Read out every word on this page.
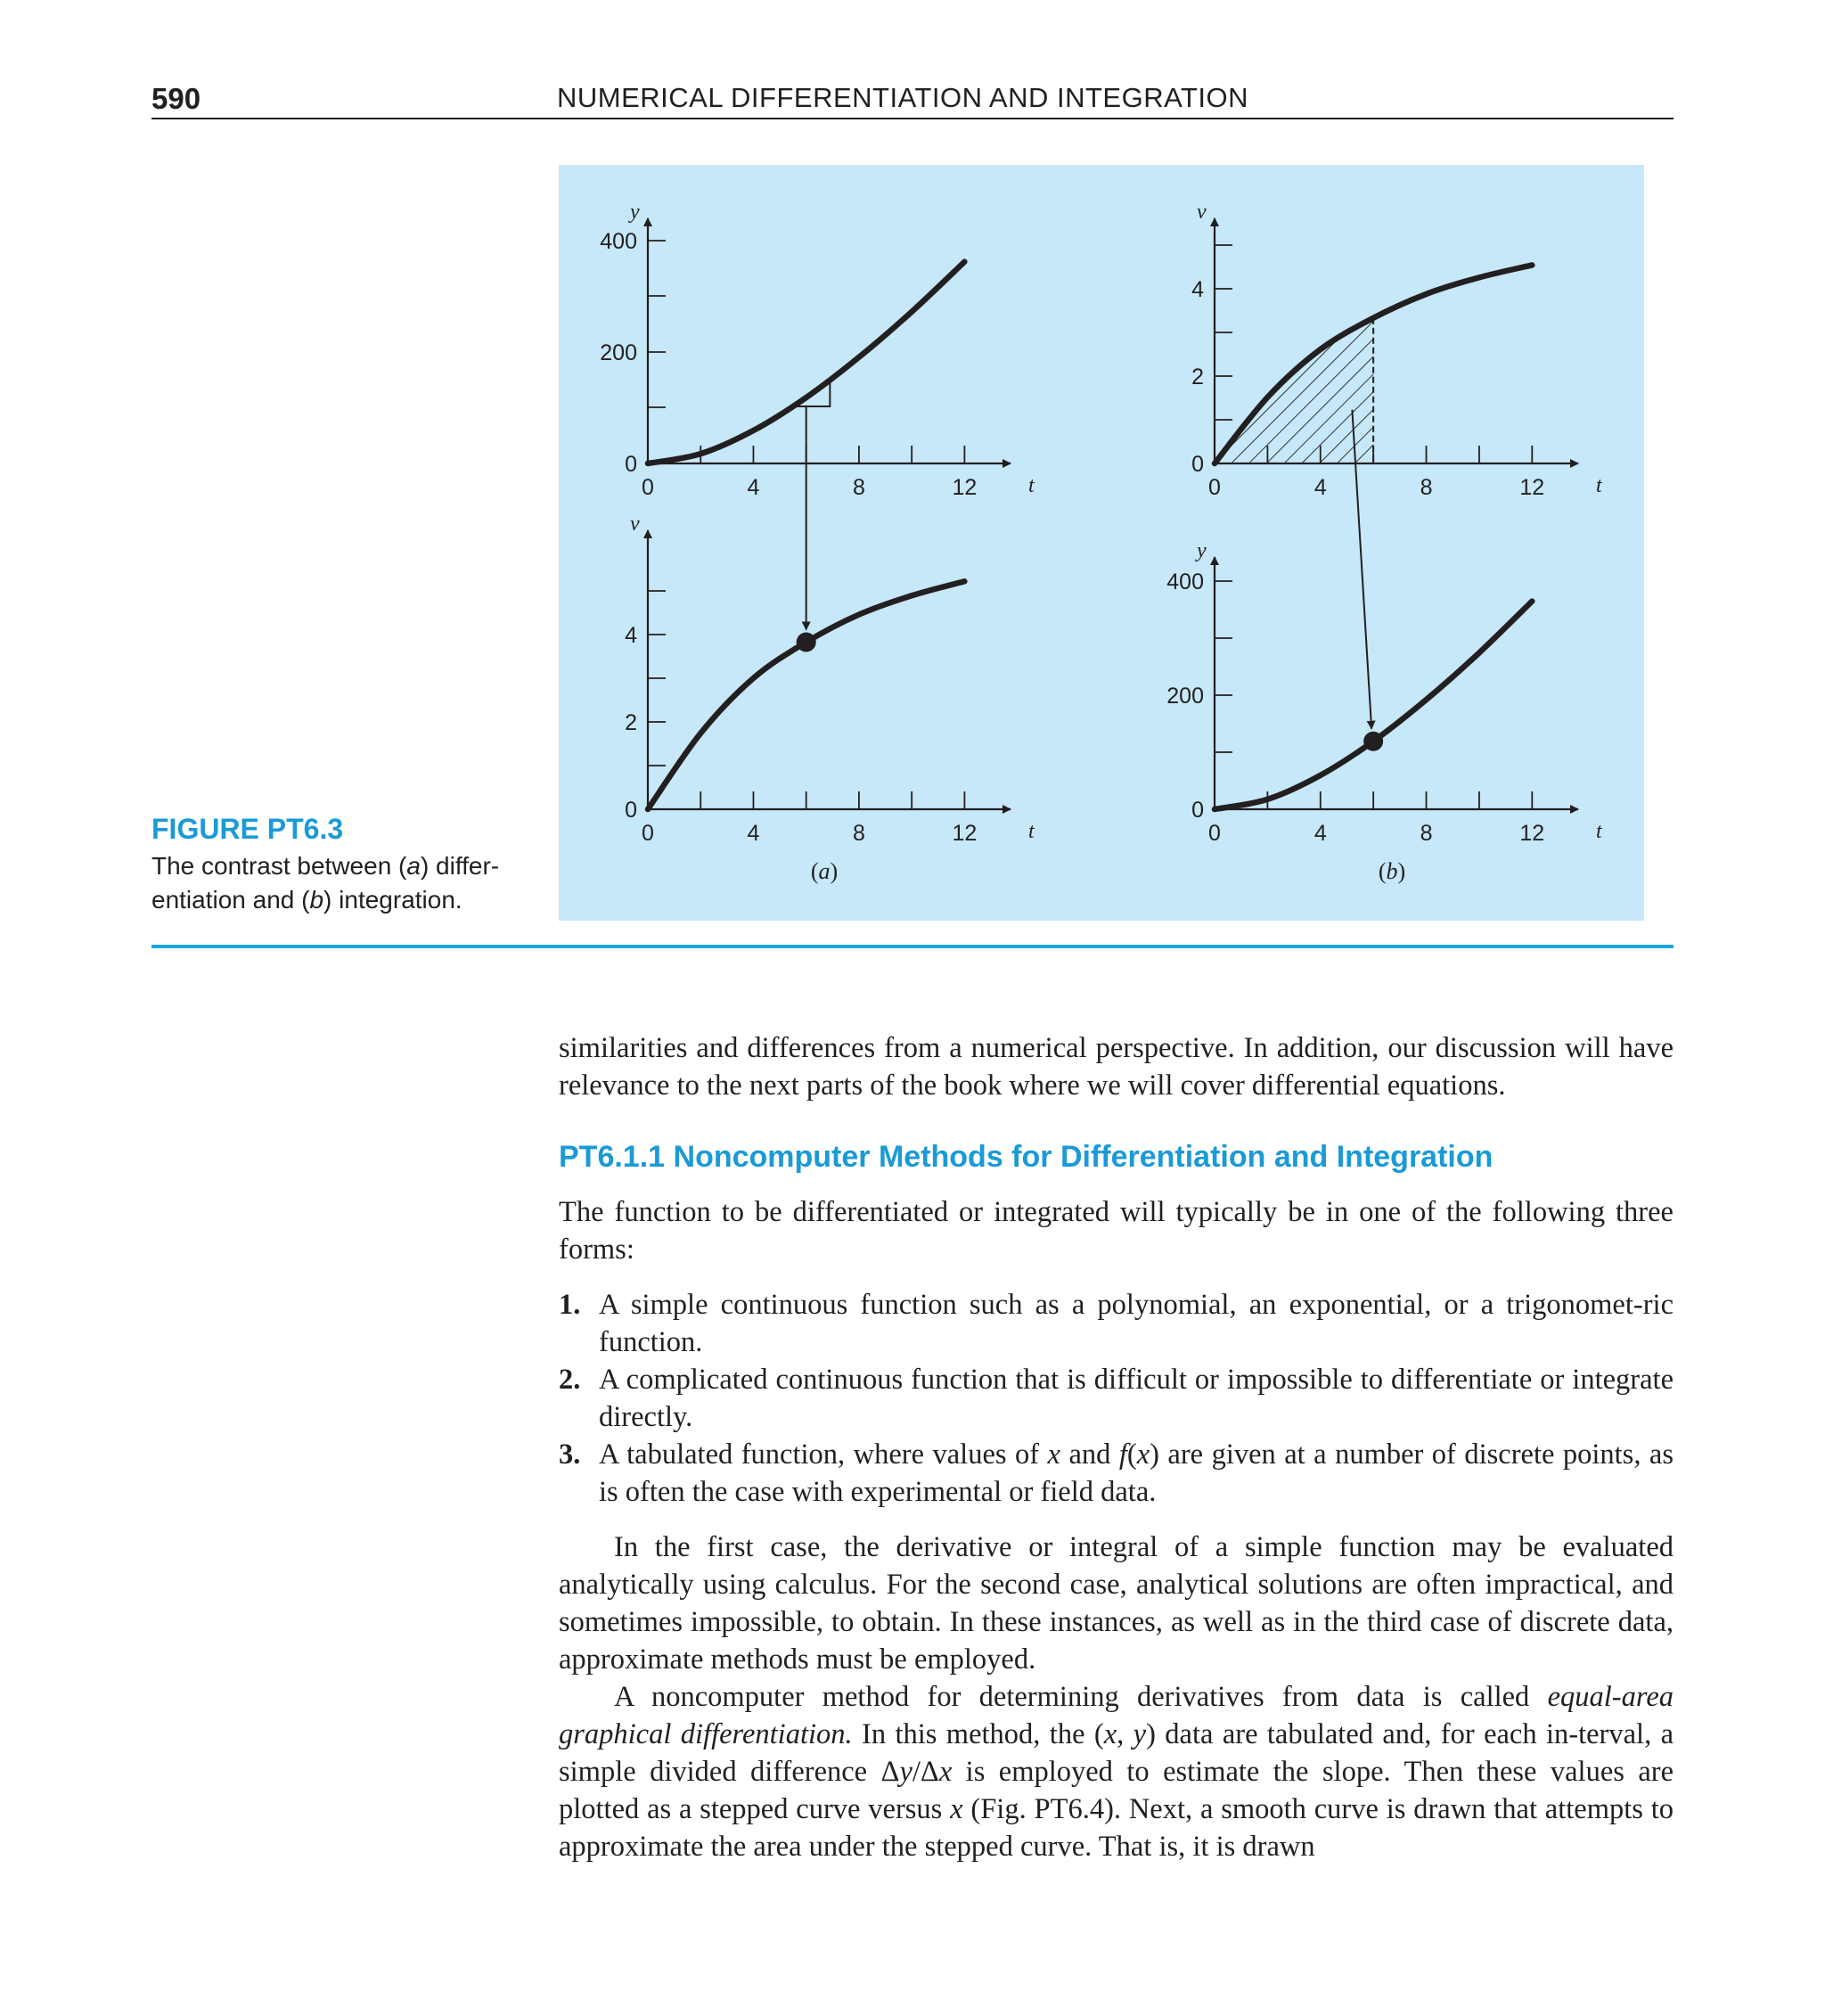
590	NUMERICAL DIFFERENTIATION AND INTEGRATION
y
t
0
200
400
0	4	8	12
v
t
0
2
4
0	4	8	12
v
t
0
2
4
0	4	8	12
y
t
0
200
400
0	4	8	12
(a)	(b)
FIGURE PT6.3
The contrast between (a) differ-entiation and (b) integration.

similarities and differences from a numerical perspective. In addition, our discussion will have relevance to the next parts of the book where we will cover differential equations.

PT6.1.1 Noncomputer Methods for Differentiation and Integration

The function to be differentiated or integrated will typically be in one of the following three forms:

1. A simple continuous function such as a polynomial, an exponential, or a trigonomet-ric function.
2. A complicated continuous function that is difficult or impossible to differentiate or integrate directly.
3. A tabulated function, where values of x and f(x) are given at a number of discrete points, as is often the case with experimental or field data.

In the first case, the derivative or integral of a simple function may be evaluated analytically using calculus. For the second case, analytical solutions are often impractical, and sometimes impossible, to obtain. In these instances, as well as in the third case of discrete data, approximate methods must be employed.

A noncomputer method for determining derivatives from data is called equal-area graphical differentiation. In this method, the (x, y) data are tabulated and, for each in-terval, a simple divided difference Δy/Δx is employed to estimate the slope. Then these values are plotted as a stepped curve versus x (Fig. PT6.4). Next, a smooth curve is drawn that attempts to approximate the area under the stepped curve. That is, it is drawn
